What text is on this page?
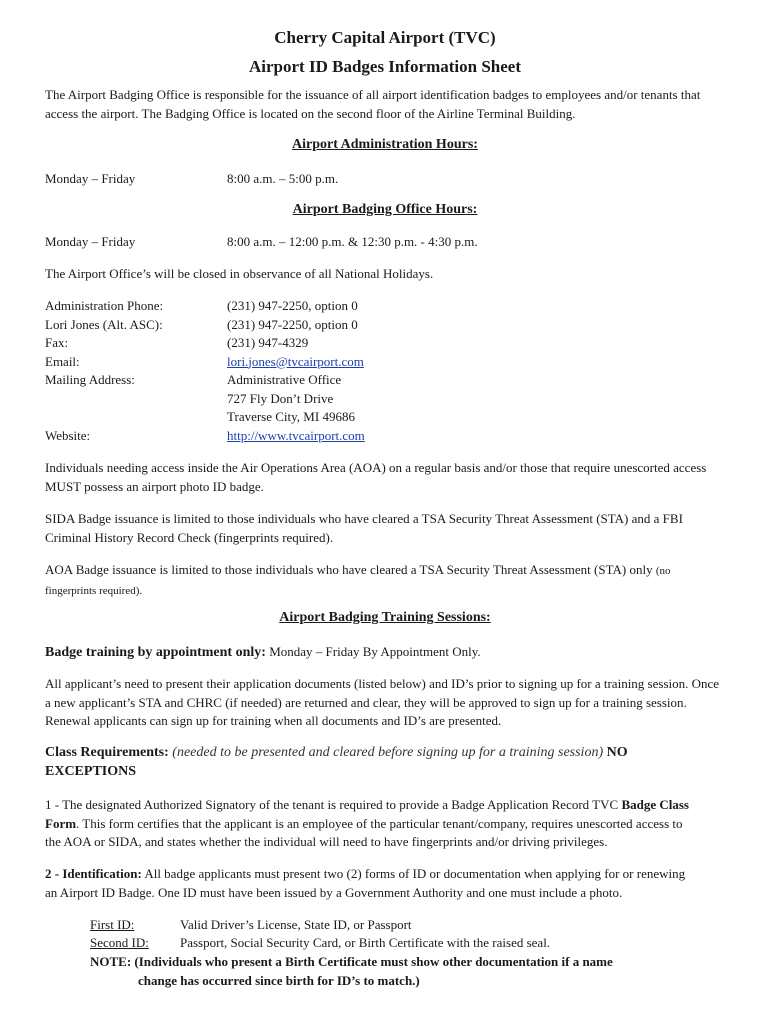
Cherry Capital Airport (TVC)
Airport ID Badges Information Sheet
The Airport Badging Office is responsible for the issuance of all airport identification badges to employees and/or tenants that access the airport. The Badging Office is located on the second floor of the Airline Terminal Building.
Airport Administration Hours:
Monday – Friday	8:00 a.m. – 5:00 p.m.
Airport Badging Office Hours:
Monday – Friday	8:00 a.m. – 12:00 p.m. & 12:30 p.m. - 4:30 p.m.
The Airport Office’s will be closed in observance of all National Holidays.
Administration Phone:	(231) 947-2250, option 0
Lori Jones (Alt. ASC):	(231) 947-2250, option 0
Fax:	(231) 947-4329
Email:	lori.jones@tvcairport.com
Mailing Address:	Administrative Office
727 Fly Don’t Drive
Traverse City, MI 49686
Website:	http://www.tvcairport.com
Individuals needing access inside the Air Operations Area (AOA) on a regular basis and/or those that require unescorted access MUST possess an airport photo ID badge.
SIDA Badge issuance is limited to those individuals who have cleared a TSA Security Threat Assessment (STA) and a FBI Criminal History Record Check (fingerprints required).
AOA Badge issuance is limited to those individuals who have cleared a TSA Security Threat Assessment (STA) only (no
fingerprints required).
Airport Badging Training Sessions:
Badge training by appointment only: Monday – Friday By Appointment Only.
All applicant’s need to present their application documents (listed below) and ID’s prior to signing up for a training session. Once a new applicant’s STA and CHRC (if needed) are returned and clear, they will be approved to sign up for a training session. Renewal applicants can sign up for training when all documents and ID’s are presented.
Class Requirements: (needed to be presented and cleared before signing up for a training session) NO
EXCEPTIONS
1 - The designated Authorized Signatory of the tenant is required to provide a Badge Application Record TVC Badge Class
Form. This form certifies that the applicant is an employee of the particular tenant/company, requires unescorted access to
the AOA or SIDA, and states whether the individual will need to have fingerprints and/or driving privileges.
2 - Identification: All badge applicants must present two (2) forms of ID or documentation when applying for or renewing
an Airport ID Badge. One ID must have been issued by a Government Authority and one must include a photo.
First ID:	Valid Driver’s License, State ID, or Passport
Second ID: Passport, Social Security Card, or Birth Certificate with the raised seal.
NOTE: (Individuals who present a Birth Certificate must show other documentation if a name
change has occurred since birth for ID’s to match.)
